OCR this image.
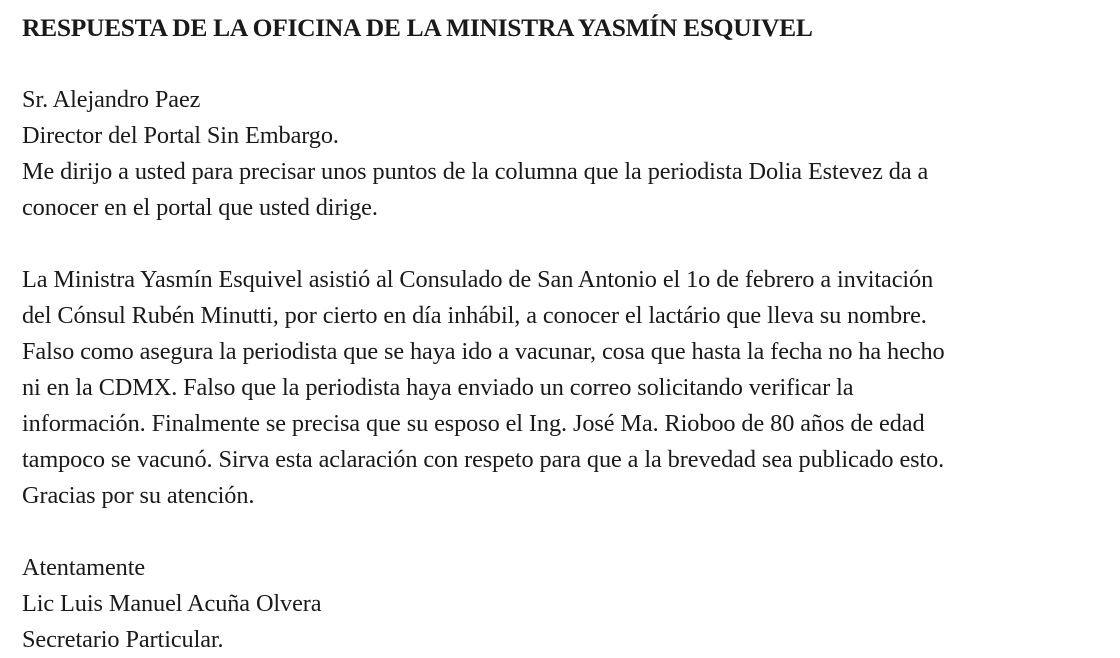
RESPUESTA DE LA OFICINA DE LA MINISTRA YASMÍN ESQUIVEL
Sr. Alejandro Paez
Director del Portal Sin Embargo.
Me dirijo a usted para precisar unos puntos de la columna que la periodista Dolia Estevez da a
conocer en el portal que usted dirige.
La Ministra Yasmín Esquivel asistió al Consulado de San Antonio el 1o de febrero a invitación
del Cónsul Rubén Minutti, por cierto en día inhábil, a conocer el lactário que lleva su nombre.
Falso como asegura la periodista que se haya ido a vacunar, cosa que hasta la fecha no ha hecho
ni en la CDMX. Falso que la periodista haya enviado un correo solicitando verificar la
información. Finalmente se precisa que su esposo el Ing. José Ma. Rioboo de 80 años de edad
tampoco se vacunó. Sirva esta aclaración con respeto para que a la brevedad sea publicado esto.
Gracias por su atención.
Atentamente
Lic Luis Manuel Acuña Olvera
Secretario Particular.
